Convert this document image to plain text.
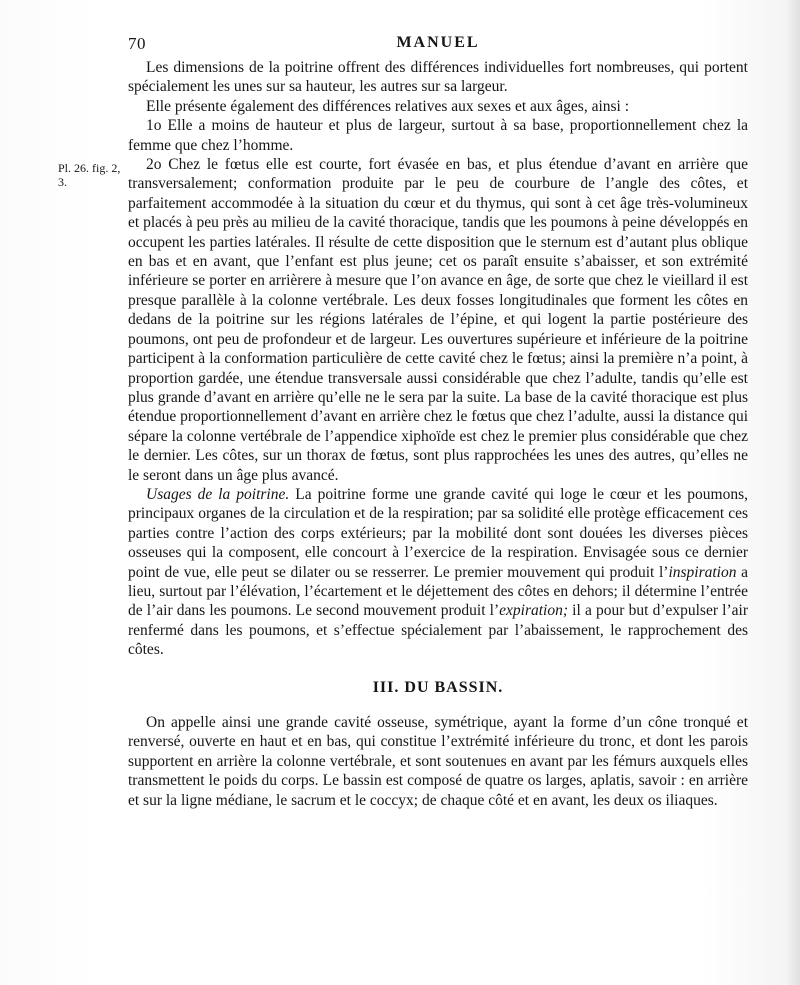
70	MANUEL
Pl. 26. fig. 2, 3.

Les dimensions de la poitrine offrent des différences individuelles fort nombreuses, qui portent spécialement les unes sur sa hauteur, les autres sur sa largeur.

Elle présente également des différences relatives aux sexes et aux âges, ainsi :

1o Elle a moins de hauteur et plus de largeur, surtout à sa base, proportionnellement chez la femme que chez l’homme.

2o Chez le fœtus elle est courte, fort évasée en bas, et plus étendue d’avant en arrière que transversalement; conformation produite par le peu de courbure de l’angle des côtes, et parfaitement accommodée à la situation du cœur et du thymus, qui sont à cet âge très-volumineux et placés à peu près au milieu de la cavité thoracique, tandis que les poumons à peine développés en occupent les parties latérales. Il résulte de cette disposition que le sternum est d’autant plus oblique en bas et en avant, que l’enfant est plus jeune; cet os paraît ensuite s’abaisser, et son extrémité inférieure se porter en arrièrere à mesure que l’on avance en âge, de sorte que chez le vieillard il est presque parallèle à la colonne vertébrale. Les deux fosses longitudinales que forment les côtes en dedans de la poitrine sur les régions latérales de l’épine, et qui logent la partie postérieure des poumons, ont peu de profondeur et de largeur. Les ouvertures supérieure et inférieure de la poitrine participent à la conformation particulière de cette cavité chez le fœtus; ainsi la première n’a point, à proportion gardée, une étendue transversale aussi considérable que chez l’adulte, tandis qu’elle est plus grande d’avant en arrière qu’elle ne le sera par la suite. La base de la cavité thoracique est plus étendue proportionnellement d’avant en arrière chez le fœtus que chez l’adulte, aussi la distance qui sépare la colonne vertébrale de l’appendice xiphoïde est chez le premier plus considérable que chez le dernier. Les côtes, sur un thorax de fœtus, sont plus rapprochées les unes des autres, qu’elles ne le seront dans un âge plus avancé.

Usages de la poitrine. La poitrine forme une grande cavité qui loge le cœur et les poumons, principaux organes de la circulation et de la respiration; par sa solidité elle protège efficacement ces parties contre l’action des corps extérieurs; par la mobilité dont sont douées les diverses pièces osseuses qui la composent, elle concourt à l’exercice de la respiration. Envisagée sous ce dernier point de vue, elle peut se dilater ou se resserrer. Le premier mouvement qui produit l’inspiration a lieu, surtout par l’élévation, l’écartement et le déjettement des côtes en dehors; il détermine l’entrée de l’air dans les poumons. Le second mouvement produit l’expiration; il a pour but d’expulser l’air renfermé dans les poumons, et s’effectue spécialement par l’abaissement, le rapprochement des côtes.

III. DU BASSIN.

On appelle ainsi une grande cavité osseuse, symétrique, ayant la forme d’un cône tronqué et renversé, ouverte en haut et en bas, qui constitue l’extrémité inférieure du tronc, et dont les parois supportent en arrière la colonne vertébrale, et sont soutenues en avant par les fémurs auxquels elles transmettent le poids du corps. Le bassin est composé de quatre os larges, aplatis, savoir : en arrière et sur la ligne médiane, le sacrum et le coccyx; de chaque côté et en avant, les deux os iliaques.
